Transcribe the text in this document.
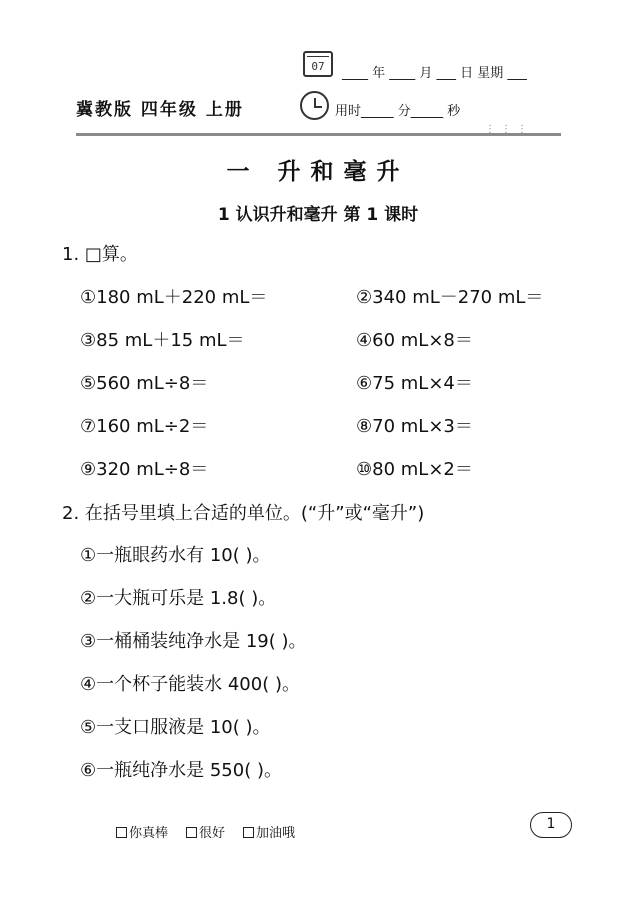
07	____ 年 ____ 月 ___ 日 星期 ___
冀教版 四年级 上册	用时_____ 分_____ 秒
⋮⋮⋮
一 升和毫升
1 认识升和毫升 第 1 课时
1. □算。
①180 mL＋220 mL＝	②340 mL－270 mL＝
③85 mL＋15 mL＝	④60 mL×8＝
⑤560 mL÷8＝	⑥75 mL×4＝
⑦160 mL÷2＝	⑧70 mL×3＝
⑨320 mL÷8＝	⑩80 mL×2＝
2. 在括号里填上合适的单位。(“升”或“毫升”)
①一瓶眼药水有 10( )。
②一大瓶可乐是 1.8( )。
③一桶桶装纯净水是 19( )。
④一个杯子能装水 400( )。
⑤一支口服液是 10( )。
⑥一瓶纯净水是 550( )。
你真棒	很好	加油哦
1
